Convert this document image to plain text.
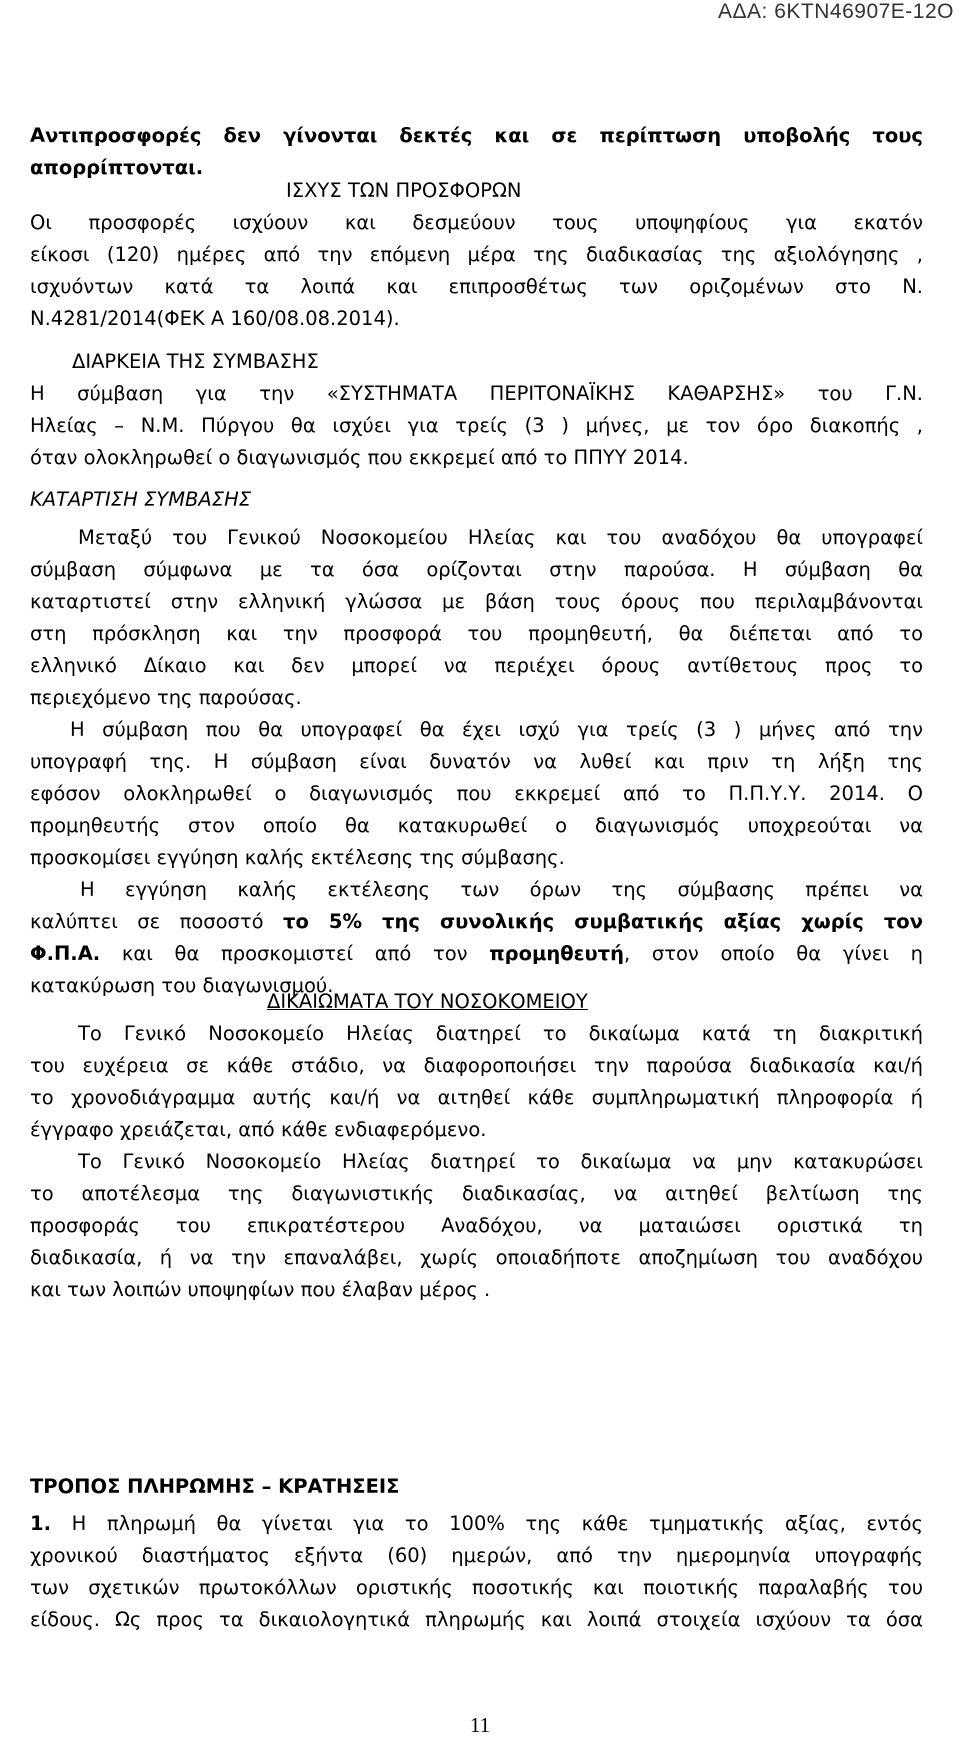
ΑΔΑ: 6ΚΤΝ46907Ε-12Ο
Αντιπροσφορές δεν γίνονται δεκτές και σε περίπτωση υποβολής τους
απορρίπτονται.
ΙΣΧΥΣ ΤΩΝ ΠΡΟΣΦΟΡΩΝ
Οι προσφορές ισχύουν και δεσμεύουν τους υποψηφίους για εκατόν
είκοσι (120) ημέρες από την επόμενη μέρα της διαδικασίας της αξιολόγησης ,
ισχυόντων κατά τα λοιπά και επιπροσθέτως των οριζομένων στο Ν.
Ν.4281/2014(ΦΕΚ Α 160/08.08.2014).
ΔΙΑΡΚΕΙΑ ΤΗΣ ΣΥΜΒΑΣΗΣ
Η σύμβαση για την «ΣΥΣΤΗΜΑΤΑ ΠΕΡΙΤΟΝΑΪΚΗΣ ΚΑΘΑΡΣΗΣ» του Γ.Ν.
Ηλείας – Ν.Μ. Πύργου θα ισχύει για τρείς (3 ) μήνες, με τον όρο διακοπής ,
όταν ολοκληρωθεί ο διαγωνισμός που εκκρεμεί από το ΠΠΥΥ 2014.
ΚΑΤΑΡΤΙΣΗ ΣΥΜΒΑΣΗΣ
Μεταξύ του Γενικού Νοσοκομείου Ηλείας και του αναδόχου θα υπογραφεί
σύμβαση σύμφωνα με τα όσα ορίζονται στην παρούσα. Η σύμβαση θα
καταρτιστεί στην ελληνική γλώσσα με βάση τους όρους που περιλαμβάνονται
στη πρόσκληση και την προσφορά του προμηθευτή, θα διέπεται από το
ελληνικό Δίκαιο και δεν μπορεί να περιέχει όρους αντίθετους προς το
περιεχόμενο της παρούσας.
Η σύμβαση που θα υπογραφεί θα έχει ισχύ για τρείς (3 ) μήνες από την
υπογραφή της. Η σύμβαση είναι δυνατόν να λυθεί και πριν τη λήξη της
εφόσον ολοκληρωθεί ο διαγωνισμός που εκκρεμεί από το Π.Π.Υ.Υ. 2014. Ο
προμηθευτής στον οποίο θα κατακυρωθεί ο διαγωνισμός υποχρεούται να
προσκομίσει εγγύηση καλής εκτέλεσης της σύμβασης.
Η εγγύηση καλής εκτέλεσης των όρων της σύμβασης πρέπει να
καλύπτει σε ποσοστό το 5% της συνολικής συμβατικής αξίας χωρίς τον
Φ.Π.Α. και θα προσκομιστεί από τον προμηθευτή, στον οποίο θα γίνει η
κατακύρωση του διαγωνισμού.
ΔΙΚΑΙΩΜΑΤΑ ΤΟΥ ΝΟΣΟΚΟΜΕΙΟΥ
Το Γενικό Νοσοκομείο Ηλείας διατηρεί το δικαίωμα κατά τη διακριτική
του ευχέρεια σε κάθε στάδιο, να διαφοροποιήσει την παρούσα διαδικασία και/ή
το χρονοδιάγραμμα αυτής και/ή να αιτηθεί κάθε συμπληρωματική πληροφορία ή
έγγραφο χρειάζεται, από κάθε ενδιαφερόμενο.
Το Γενικό Νοσοκομείο Ηλείας διατηρεί το δικαίωμα να μην κατακυρώσει
το αποτέλεσμα της διαγωνιστικής διαδικασίας, να αιτηθεί βελτίωση της
προσφοράς του επικρατέστερου Αναδόχου, να ματαιώσει οριστικά τη
διαδικασία, ή να την επαναλάβει, χωρίς οποιαδήποτε αποζημίωση του αναδόχου
και των λοιπών υποψηφίων που έλαβαν μέρος .
ΤΡΟΠΟΣ ΠΛΗΡΩΜΗΣ – ΚΡΑΤΗΣΕΙΣ
1. Η πληρωμή θα γίνεται για το 100% της κάθε τμηματικής αξίας, εντός
χρονικού διαστήματος εξήντα (60) ημερών, από την ημερομηνία υπογραφής
των σχετικών πρωτοκόλλων οριστικής ποσοτικής και ποιοτικής παραλαβής του
είδους. Ως προς τα δικαιολογητικά πληρωμής και λοιπά στοιχεία ισχύουν τα όσα
11
